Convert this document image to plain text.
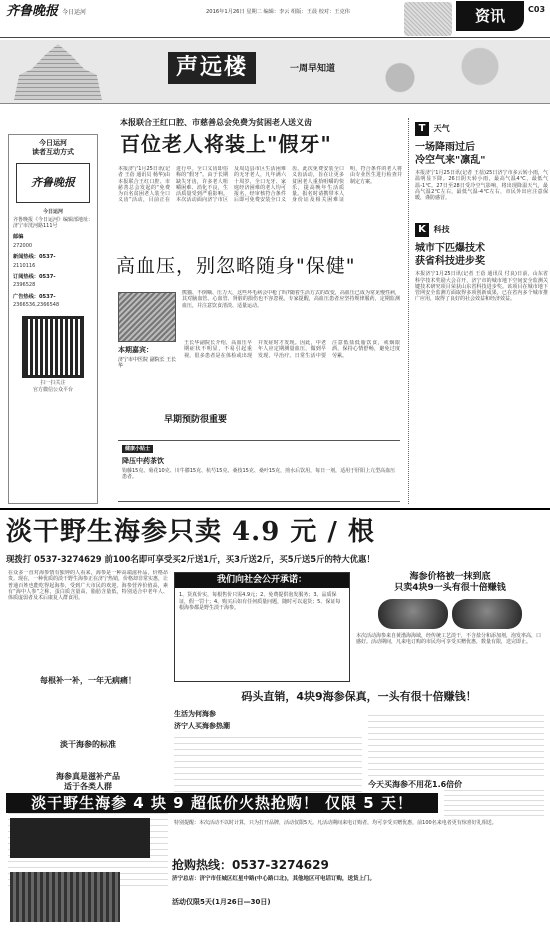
齐鲁晚报 今日运河	2016年1月26日 星期二 编辑：李云 组版：王晨 校对：王克伟	资讯	C03
声远楼	一周早知道
今日运河
读者互动方式
齐鲁晚报
今日运河
齐鲁晚报《今日运河》编辑部地址：济宁市洸河路111号
邮编
272000
新闻热线：0537-
2110116
订阅热线：0537-
2396528
广告热线：0537-
2366536,2366548
扫一扫关注
官方微信公众平台
本报联合王红口腔、市慈善总会免费为贫困老人送义齿
百位老人将装上"假牙"
本报济宁1月25日讯(记者 王蓓 通讯员 杨华)由本报联合王红口腔、市慈善总会发起的“免费为百名贫困老人装全口义齿”活动，目前正在进行中。全口义齿即俗称的“假牙”。由于长期缺失牙齿，许多老人咀嚼困难、消化不良，生活质量受到严重影响。本次活动面向济宁市区及周边县市区生活困难的无牙老人，凡年满六十周岁、全口无牙、家庭经济困难的老人均可报名，经审核符合条件后即可免费安装全口义齿。此次免费安装全口义齿活动，旨在让更多贫困老人重拾咀嚼的快乐，提高晚年生活质量。报名时请携带本人身份证及相关困难证明，符合条件的老人将由专业医生进行检查并制定方案。
高血压，别忽略随身"保健"
熊猫、不倒嘀、压力大，这些坏毛病会中枪了吗?随着生活方式的改变，高血压已成为常见慢性病，其对脑血管、心血管、肾脏的损伤也不容忽视。专家提醒，高血压患者应坚持规律服药，定期监测血压，并注意饮食清淡、适量运动。
本期嘉宾：
济宁市中医院 副院长 王长华
王长华副院长介绍，高血压早期症状不明显，不易引起重视，很多患者是在体检或出现并发症时才发现。因此，中老年人应定期测量血压，做到早发现、早治疗。日常生活中要注意低盐低脂饮食，戒烟限酒，保持心情舒畅，避免过度劳累。
早期预防很重要
健康小贴士
降压中药茶饮
钩藤15克、菊花10克、川牛膝15克、杭芍15克、桑枝15克、桑叶15克，煎水后饮用，每日一剂，适用于肝阳上亢型高血压患者。
T 天气
一场降雨过后
冷空气来"凛乱"
本报济宁1月25日讯(记者 王蓓)25日济宁市多云转小雨，气温明显下降。26日阴天转小雨，最高气温4℃，最低气温-1℃。27日至28日受冷空气影响，将出现降温天气，最高气温2℃左右，最低气温-4℃左右，市民外出应注意保暖，谨防感冒。
K 科技
城市下匹爆技术
获省科技进步奖
本报济宁1月25日讯(记者 王蓓 通讯员 付良)日前，山东省科学技术奖励大会召开，济宁市的城市地下空间安全监测关键技术研究项目荣获山东省科技进步奖。该项目在城市地下管网安全监测方面取得多项创新成果，已在省内多个城市推广应用，取得了良好的社会效益和经济效益。
淡干野生海参只卖 4.9 元 / 根
现拨打 0537-3274629 前100名即可享受买2斤送1斤，买3斤送2斤，买5斤送5斤的特大优惠！
在众多一直对海参情有独钟的人看来，海参是一种高端滋补品，价格昂贵。现在，一种优质的淡干野生海参正在济宁热销，价格却非常实惠，让普通百姓也能吃得起海参，受到广大市民的欢迎。海参营养价值高，素有“海中人参”之称，蛋白质含量高、脂肪含量低，特别适合中老年人、体质虚弱者及术后康复人群食用。
每根补一补，一年无病痛！
淡干海参的标准
海参真是滋补产品
适于各类人群
我们向社会公开承诺：
1、货真价实，每根售价只需4.9元；2、免费提供泡发服务；3、品质保证，假一罚十；4、购买后如有任何质量问题，随时可以退货；5、保证每根海参都是野生淡干海参。
海参价格被一抹到底
只卖4块9一头有很十倍赚钱
本次活动海参来自黄渤海海域，经传统工艺淡干，不含盐分和添加剂，泡发率高，口感好。活动期间，凡来电订购的市民均可享受买赠优惠，数量有限，送完即止。
码头直销，4块9海参保真，一头有很十倍赚钱！
生活为何海参
济宁人买海参热潮
今天买海参不用花1.6倍价
淡干野生海参 4 块 9 超低价火热抢购！ 仅限 5 天！
特别提醒：本次活动不以时计算，只为打开品牌，活动仅限5天。凡活动期间来电订购者，均可享受买赠优惠，前100名来电者更有惊喜好礼相送。
抢购热线：0537-3274629
济宁总店：济宁市任城区红星中路(中心路口北)，其他地区可电话订购，送货上门。
活动仅限5天(1月26日—30日)
